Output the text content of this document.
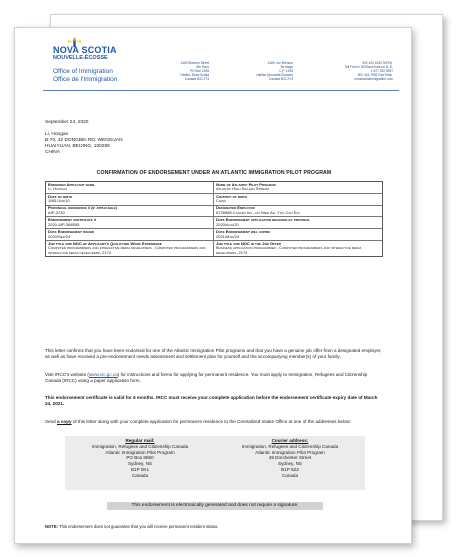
NOVA SCOTIA
NOUVELLE-ÉCOSSE
Office of Immigration
Office de l'Immigration
1469 Brenton Street
5th Floor
PO Box 1535
Halifax, Nova Scotia
Canada B3J 2Y3
1469, rue Brenton
5e étage
C.P. 1535
Halifax (Nouvelle-Écosse)
Canada B3J 2Y3
902 424 5230 Tel/Tél.
Toll Free in NS/Sans frais en N.-É.
1 877 292 9597
902 424 7936 Fax/Téléc.
novascotiaimmigration.com
September 24, 2020
Li, Hongan
B-70, 32 DONGBEI RD. WENGUAN
HUAIYUAN, BEIJING, 100289
CHINA
CONFIRMATION OF ENDORSEMENT UNDER AN ATLANTIC IMMIGRATION PILOT PROGRAM
Endorsed Applicant name
Li, Hongan
Name of Atlantic Pilot Program
Atlantic High Skilled Stream
Date of birth
1981/Jan/10
Country of birth
China
Provincial reference # (if applicable)
AIP-3730
Designated Employer
6728568 Canada Inc. o/a Mezi All You Can Eat
Endorsement certificate #
2020-AIP-366555
Date Endorsement application received by province
2020/Aug/20
Date Endorsement issued
2020/Sep/24
Date Endorsement will expire
2021/Mar/24
Job title and NOC of Applicant's Qualifying Work Experience
Computer programmers and interactive media developers , Computer programmers and interactive media developers, 2174
Job title and NOC in the Job Offer
Business application programmer , Computer programmers and interactive media developers, 2174
This letter confirms that you have been endorsed for one of the Atlantic Immigration Pilot programs and that you have a genuine job offer from a designated employer, as well as have received a pre-endorsement needs assessment and settlement plan for yourself and the accompanying member(s) of your family.
Visit IRCC's website (www.cic.gc.ca) for instructions and forms for applying for permanent residence. You must apply to Immigration, Refugees and Citizenship Canada (IRCC) using a paper application form.
This endorsement certificate is valid for 6 months. IRCC must receive your complete application before the endorsement certificate expiry date of March 24, 2021.
Send a copy of this letter along with your complete application for permanent residence to the Centralized Intake Office at one of the addresses below:
Regular mail:
Immigration, Refugees and Citizenship Canada
Atlantic Immigration Pilot Program
PO Box 8860
Sydney, NS
B1P 0K1
Canada
Courier address:
Immigration, Refugees and Citizenship Canada
Atlantic Immigration Pilot Program
49 Dorchester Street
Sydney, NS
B1P 5Z2
Canada
This endorsement is electronically generated and does not require a signature.
NOTE: This endorsement does not guarantee that you will receive permanent resident status.
